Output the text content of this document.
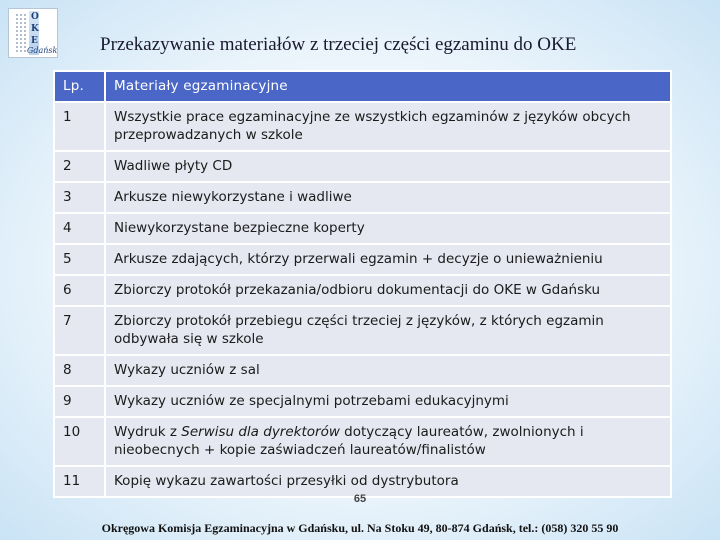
O
K
E
Gdańsk Przekazywanie materiałów z trzeciej części egzaminu do OKE
Lp.	Materiały egzaminacyjne
1	Wszystkie prace egzaminacyjne ze wszystkich egzaminów z języków obcych przeprowadzanych w szkole
2	Wadliwe płyty CD
3	Arkusze niewykorzystane i wadliwe
4	Niewykorzystane bezpieczne koperty
5	Arkusze zdających, którzy przerwali egzamin + decyzje o unieważnieniu
6	Zbiorczy protokół przekazania/odbioru dokumentacji do OKE w Gdańsku
7	Zbiorczy protokół przebiegu części trzeciej z języków, z których egzamin odbywała się w szkole
8	Wykazy uczniów z sal
9	Wykazy uczniów ze specjalnymi potrzebami edukacyjnymi
10	Wydruk z Serwisu dla dyrektorów dotyczący laureatów, zwolnionych i nieobecnych + kopie zaświadczeń laureatów/finalistów
11	Kopię wykazu zawartości przesyłki od dystrybutora
65
Okręgowa Komisja Egzaminacyjna w Gdańsku, ul. Na Stoku 49, 80-874 Gdańsk, tel.: (058) 320 55 90
